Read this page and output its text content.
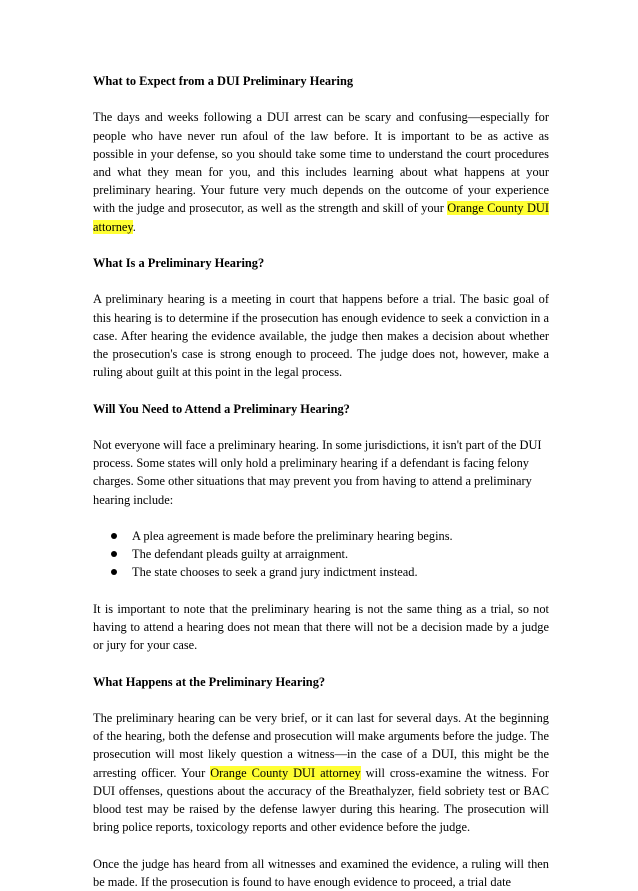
What to Expect from a DUI Preliminary Hearing

The days and weeks following a DUI arrest can be scary and confusing—especially for people who have never run afoul of the law before. It is important to be as active as possible in your defense, so you should take some time to understand the court procedures and what they mean for you, and this includes learning about what happens at your preliminary hearing. Your future very much depends on the outcome of your experience with the judge and prosecutor, as well as the strength and skill of your Orange County DUI attorney.

What Is a Preliminary Hearing?

A preliminary hearing is a meeting in court that happens before a trial. The basic goal of this hearing is to determine if the prosecution has enough evidence to seek a conviction in a case. After hearing the evidence available, the judge then makes a decision about whether the prosecution's case is strong enough to proceed. The judge does not, however, make a ruling about guilt at this point in the legal process.

Will You Need to Attend a Preliminary Hearing?

Not everyone will face a preliminary hearing. In some jurisdictions, it isn't part of the DUI process. Some states will only hold a preliminary hearing if a defendant is facing felony charges. Some other situations that may prevent you from having to attend a preliminary hearing include:

A plea agreement is made before the preliminary hearing begins.
The defendant pleads guilty at arraignment.
The state chooses to seek a grand jury indictment instead.

It is important to note that the preliminary hearing is not the same thing as a trial, so not having to attend a hearing does not mean that there will not be a decision made by a judge or jury for your case.

What Happens at the Preliminary Hearing?

The preliminary hearing can be very brief, or it can last for several days. At the beginning of the hearing, both the defense and prosecution will make arguments before the judge. The prosecution will most likely question a witness—in the case of a DUI, this might be the arresting officer. Your Orange County DUI attorney will cross-examine the witness. For DUI offenses, questions about the accuracy of the Breathalyzer, field sobriety test or BAC blood test may be raised by the defense lawyer during this hearing. The prosecution will bring police reports, toxicology reports and other evidence before the judge.

Once the judge has heard from all witnesses and examined the evidence, a ruling will then be made. If the prosecution is found to have enough evidence to proceed, a trial date
